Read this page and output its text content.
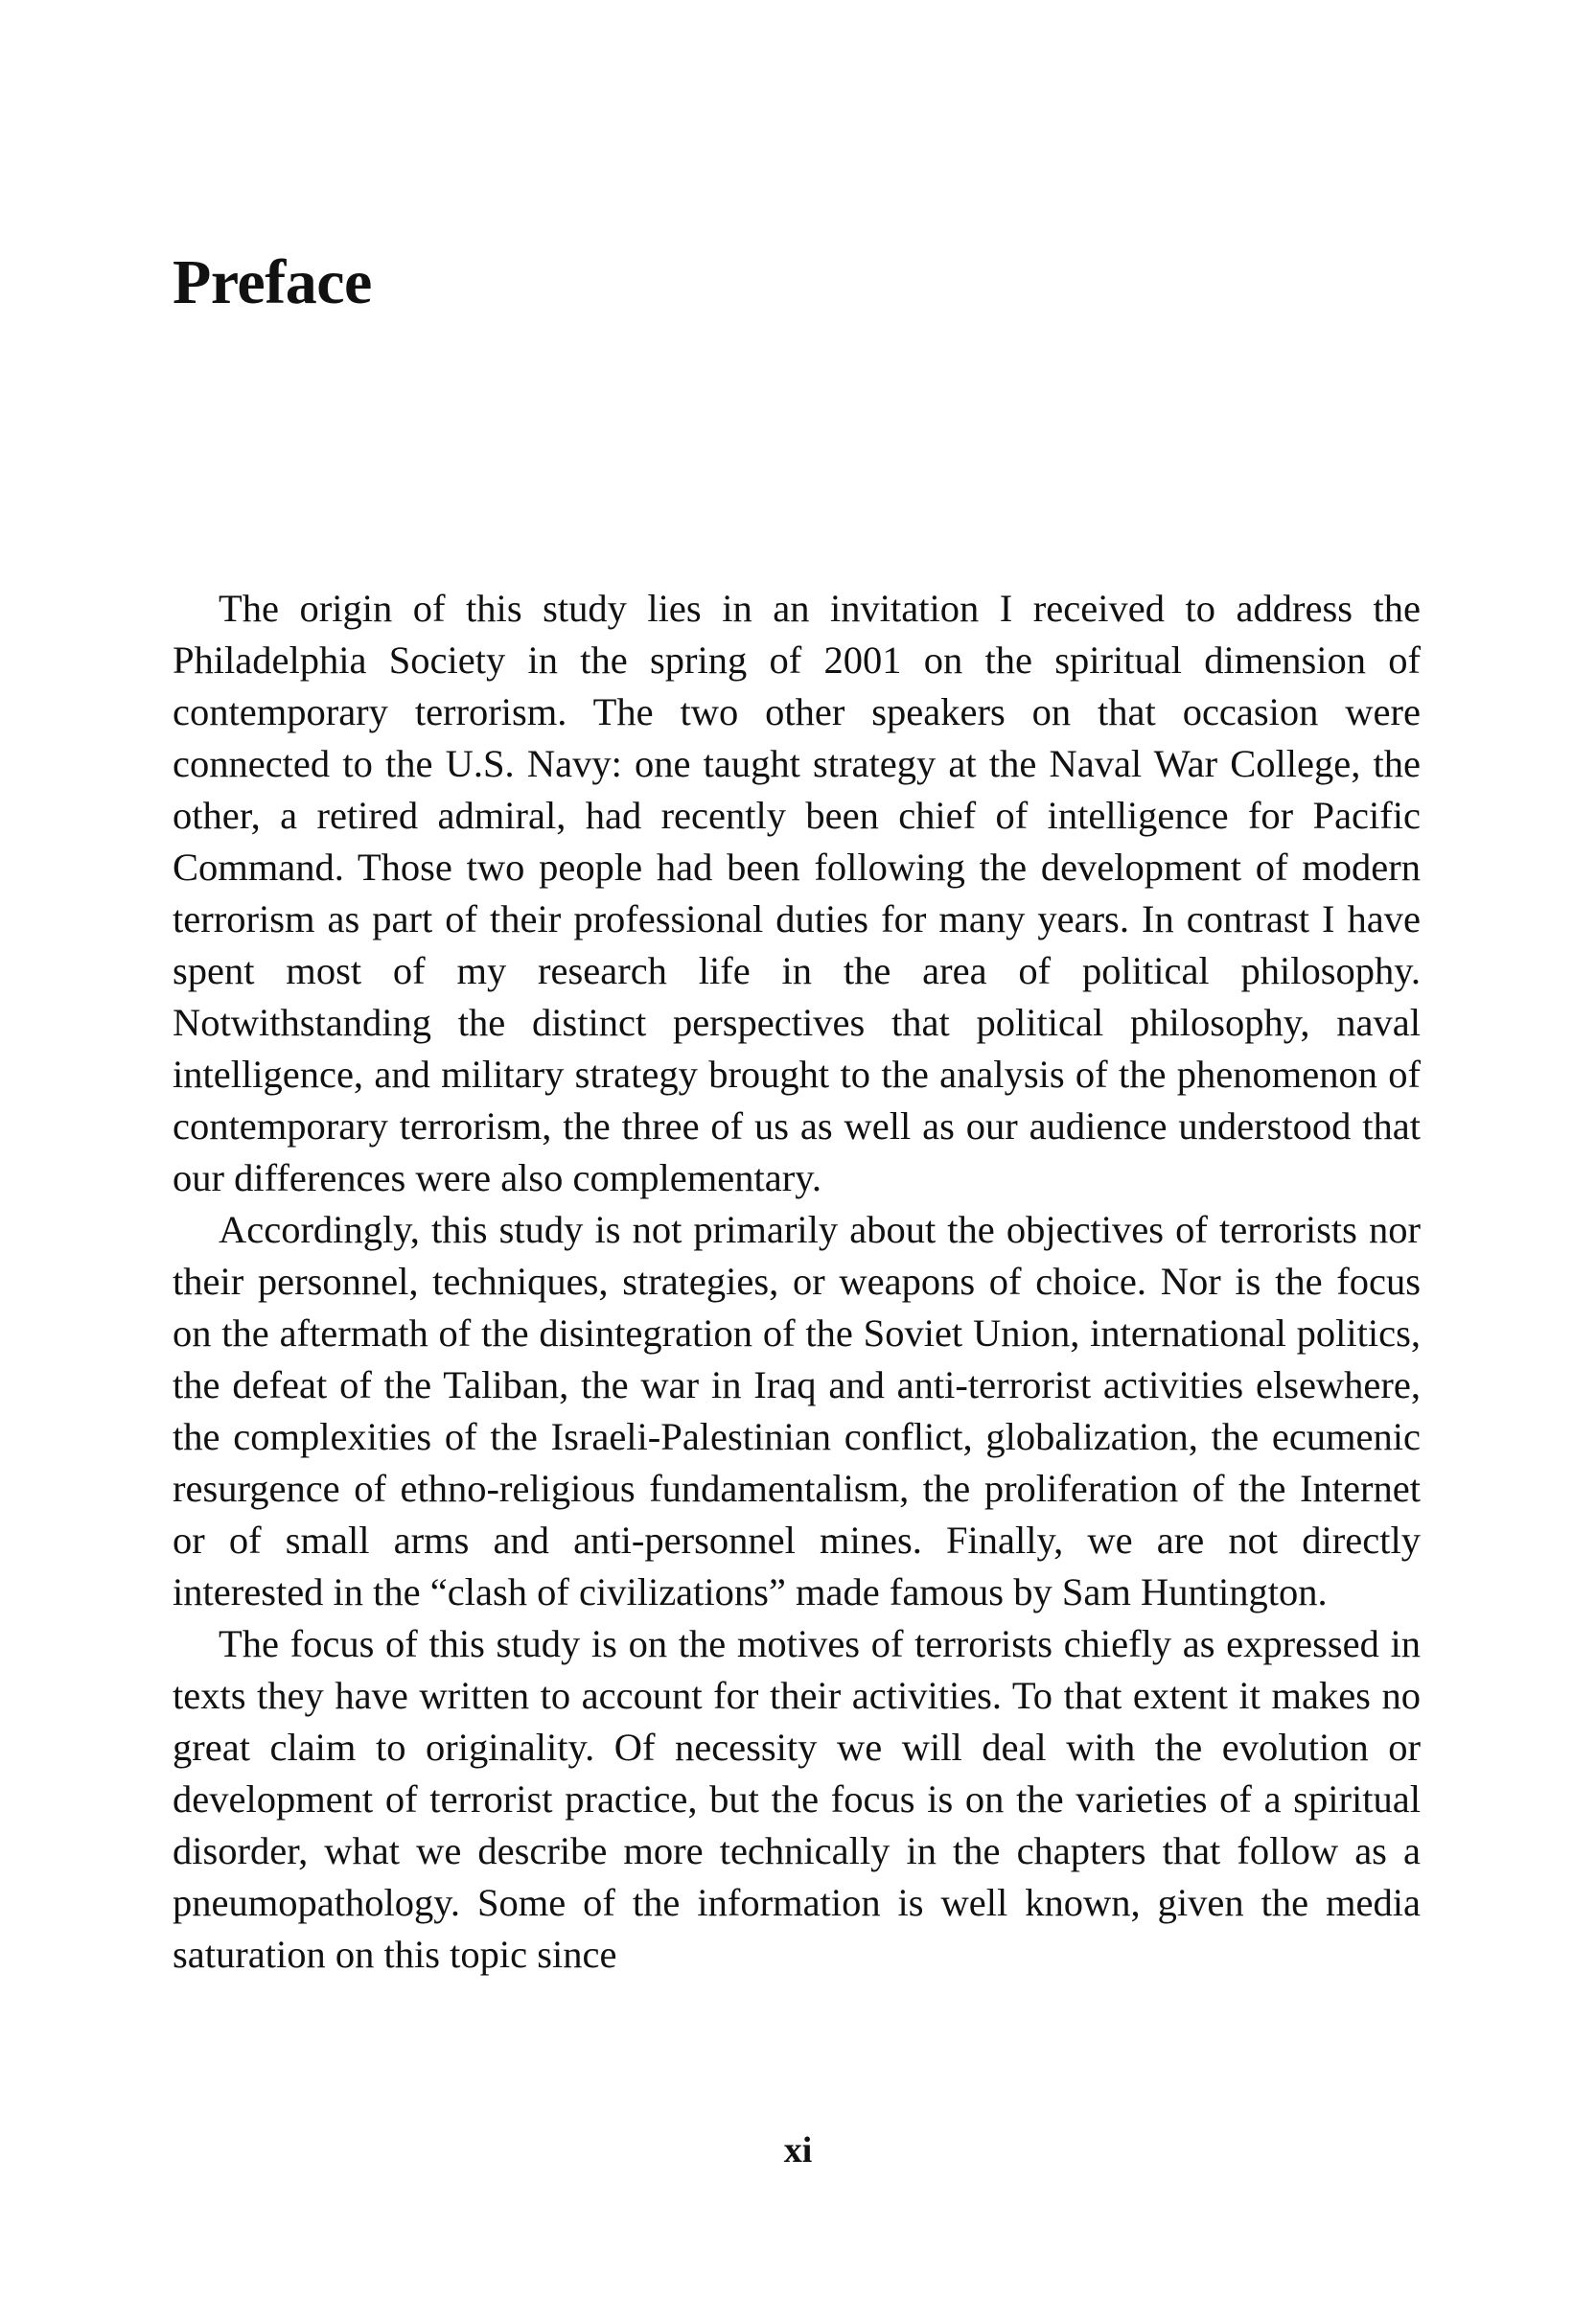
Preface

The origin of this study lies in an invitation I received to address the Philadelphia Society in the spring of 2001 on the spiritual dimension of contemporary terrorism. The two other speakers on that occasion were connected to the U.S. Navy: one taught strategy at the Naval War College, the other, a retired admiral, had recently been chief of intelligence for Pacific Command. Those two people had been following the development of modern terrorism as part of their professional duties for many years. In contrast I have spent most of my research life in the area of political philosophy. Notwithstanding the distinct perspectives that political philosophy, naval intelligence, and military strategy brought to the analysis of the phenomenon of contemporary terrorism, the three of us as well as our audience understood that our differences were also complementary.

Accordingly, this study is not primarily about the objectives of terrorists nor their personnel, techniques, strategies, or weapons of choice. Nor is the focus on the aftermath of the disintegration of the Soviet Union, international politics, the defeat of the Taliban, the war in Iraq and anti-terrorist activities elsewhere, the complexities of the Israeli-Palestinian conflict, globalization, the ecumenic resurgence of ethno-religious fundamentalism, the proliferation of the Internet or of small arms and anti-personnel mines. Finally, we are not directly interested in the “clash of civilizations” made famous by Sam Huntington.

The focus of this study is on the motives of terrorists chiefly as expressed in texts they have written to account for their activities. To that extent it makes no great claim to originality. Of necessity we will deal with the evolution or development of terrorist practice, but the focus is on the varieties of a spiritual disorder, what we describe more technically in the chapters that follow as a pneumopathology. Some of the information is well known, given the media saturation on this topic since

xi
